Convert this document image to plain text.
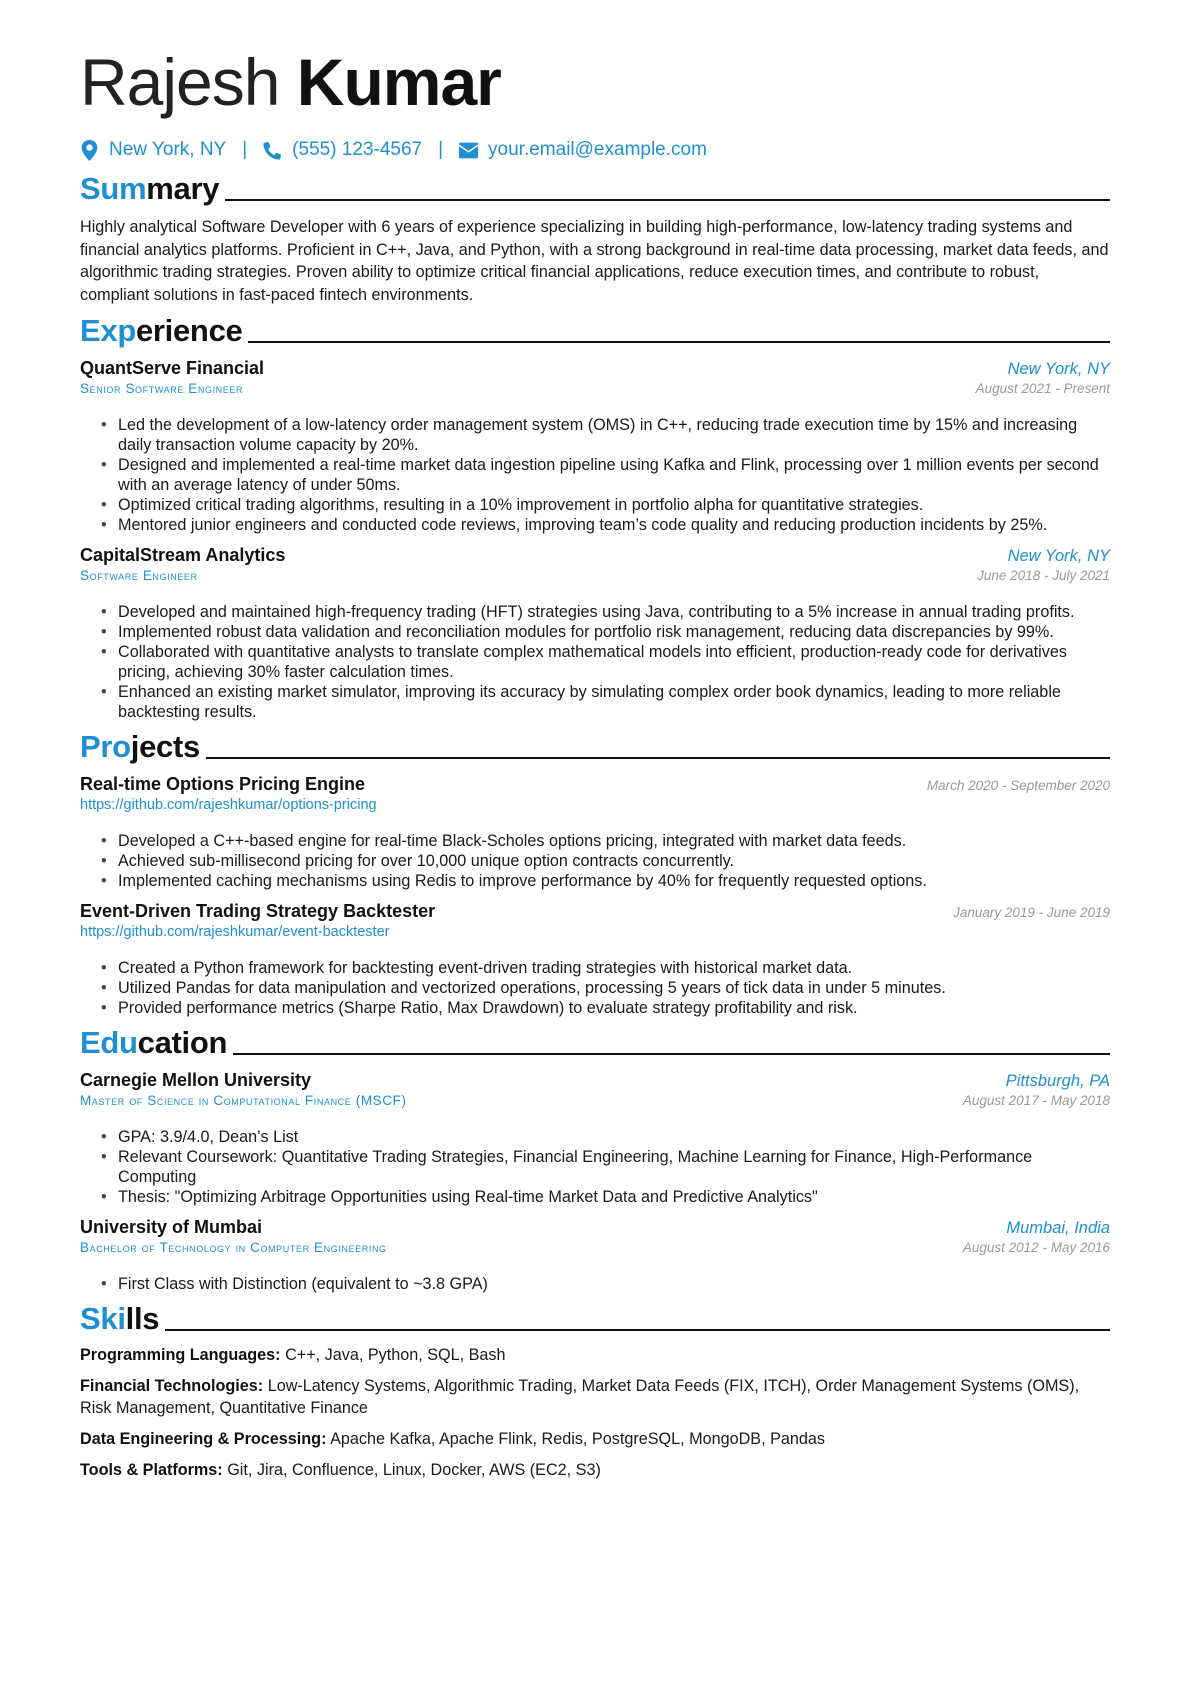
Rajesh Kumar
New York, NY | (555) 123-4567 | your.email@example.com
Summary

Highly analytical Software Developer with 6 years of experience specializing in building high-performance, low-latency trading systems and financial analytics platforms. Proficient in C++, Java, and Python, with a strong background in real-time data processing, market data feeds, and algorithmic trading strategies. Proven ability to optimize critical financial applications, reduce execution times, and contribute to robust, compliant solutions in fast-paced fintech environments.

Experience
QuantServe Financial	New York, NY
Senior Software Engineer	August 2021 - Present
• Led the development of a low-latency order management system (OMS) in C++, reducing trade execution time by 15% and increasing daily transaction volume capacity by 20%.
• Designed and implemented a real-time market data ingestion pipeline using Kafka and Flink, processing over 1 million events per second with an average latency of under 50ms.
• Optimized critical trading algorithms, resulting in a 10% improvement in portfolio alpha for quantitative strategies.
• Mentored junior engineers and conducted code reviews, improving team’s code quality and reducing production incidents by 25%.
CapitalStream Analytics	New York, NY
Software Engineer	June 2018 - July 2021
• Developed and maintained high-frequency trading (HFT) strategies using Java, contributing to a 5% increase in annual trading profits.
• Implemented robust data validation and reconciliation modules for portfolio risk management, reducing data discrepancies by 99%.
• Collaborated with quantitative analysts to translate complex mathematical models into efficient, production-ready code for derivatives pricing, achieving 30% faster calculation times.
• Enhanced an existing market simulator, improving its accuracy by simulating complex order book dynamics, leading to more reliable backtesting results.
Projects
Real-time Options Pricing Engine	March 2020 - September 2020
https://github.com/rajeshkumar/options-pricing
• Developed a C++-based engine for real-time Black-Scholes options pricing, integrated with market data feeds.
• Achieved sub-millisecond pricing for over 10,000 unique option contracts concurrently.
• Implemented caching mechanisms using Redis to improve performance by 40% for frequently requested options.
Event-Driven Trading Strategy Backtester	January 2019 - June 2019
https://github.com/rajeshkumar/event-backtester
• Created a Python framework for backtesting event-driven trading strategies with historical market data.
• Utilized Pandas for data manipulation and vectorized operations, processing 5 years of tick data in under 5 minutes.
• Provided performance metrics (Sharpe Ratio, Max Drawdown) to evaluate strategy profitability and risk.
Education
Carnegie Mellon University	Pittsburgh, PA
Master of Science in Computational Finance (MSCF)	August 2017 - May 2018
• GPA: 3.9/4.0, Dean’s List
• Relevant Coursework: Quantitative Trading Strategies, Financial Engineering, Machine Learning for Finance, High-Performance Computing
• Thesis: "Optimizing Arbitrage Opportunities using Real-time Market Data and Predictive Analytics"
University of Mumbai	Mumbai, India
Bachelor of Technology in Computer Engineering	August 2012 - May 2016
• First Class with Distinction (equivalent to ~3.8 GPA)
Skills
Programming Languages: C++, Java, Python, SQL, Bash
Financial Technologies: Low-Latency Systems, Algorithmic Trading, Market Data Feeds (FIX, ITCH), Order Management Systems (OMS), Risk Management, Quantitative Finance
Data Engineering & Processing: Apache Kafka, Apache Flink, Redis, PostgreSQL, MongoDB, Pandas
Tools & Platforms: Git, Jira, Confluence, Linux, Docker, AWS (EC2, S3)
